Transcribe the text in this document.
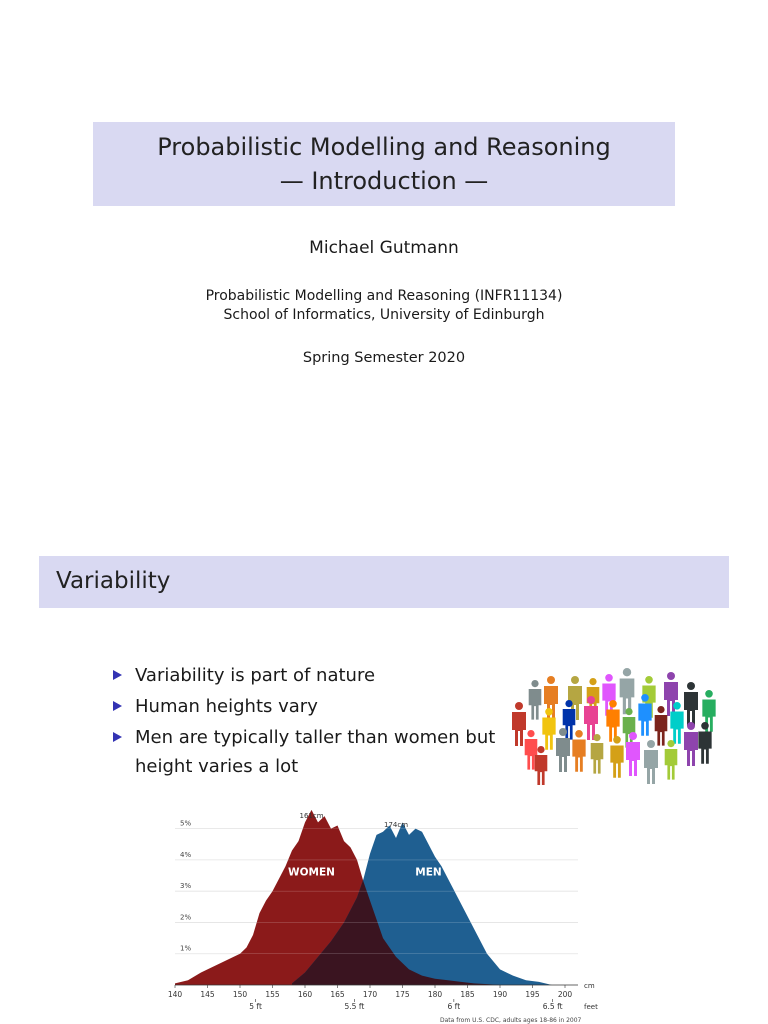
Probabilistic Modelling and Reasoning
— Introduction —
Michael Gutmann
Probabilistic Modelling and Reasoning (INFR11134)
School of Informatics, University of Edinburgh
Spring Semester 2020
Variability
Variability is part of nature
Human heights vary
Men are typically taller than women but height varies a lot
WOMEN	MEN
161cm
174cm
1%
2%
3%
4%
5%
140 145 150 155 160 165 170 175 180 185 190 195 200
cm
5 ft	5.5 ft	6 ft	6.5 ft	feet
Data from U.S. CDC, adults ages 18-86 in 2007
